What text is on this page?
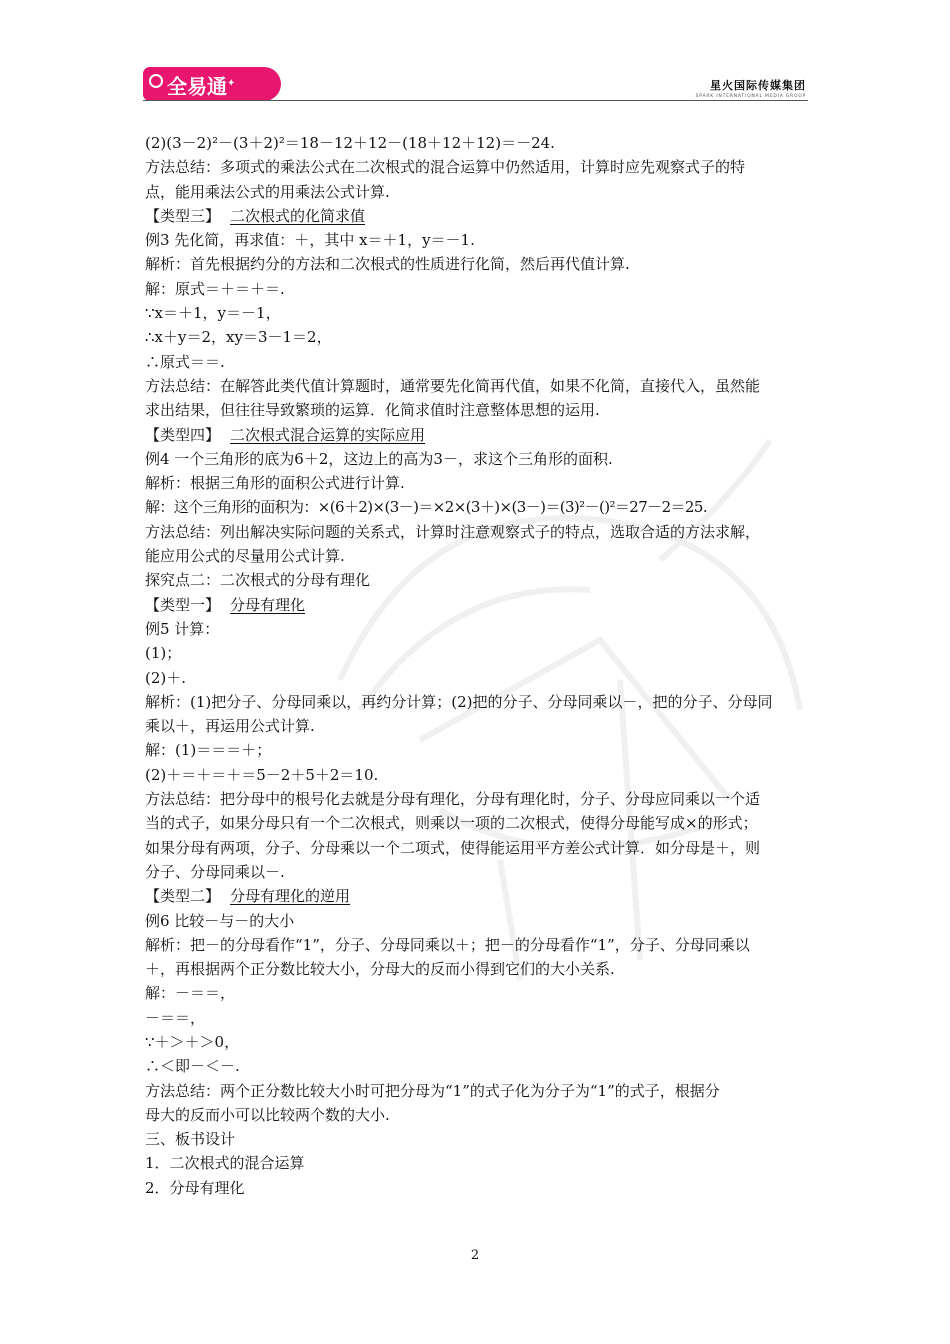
全易通✦	星火国际传媒集团
SPARK INTERNATIONAL MEDIA GROUP
(2)(3－2)²－(3＋2)²＝18－12＋12－(18＋12＋12)＝－24.
方法总结：多项式的乘法公式在二次根式的混合运算中仍然适用，计算时应先观察式子的特
点，能用乘法公式的用乘法公式计算.
【类型三】 二次根式的化简求值
例3 先化简，再求值：＋，其中 x＝＋1，y＝－1.
解析：首先根据约分的方法和二次根式的性质进行化简，然后再代值计算.
解：原式＝＋＝＋＝.
∵x＝＋1，y＝－1，
∴x＋y＝2，xy＝3－1＝2，
∴原式＝＝.
方法总结：在解答此类代值计算题时，通常要先化简再代值，如果不化简，直接代入，虽然能
求出结果，但往往导致繁琐的运算．化简求值时注意整体思想的运用.
【类型四】 二次根式混合运算的实际应用
例4 一个三角形的底为6＋2，这边上的高为3－，求这个三角形的面积.
解析：根据三角形的面积公式进行计算.
解：这个三角形的面积为：×(6＋2)×(3－)＝×2×(3＋)×(3－)＝(3)²－()²＝27－2＝25.
方法总结：列出解决实际问题的关系式，计算时注意观察式子的特点，选取合适的方法求解，
能应用公式的尽量用公式计算.
探究点二：二次根式的分母有理化
【类型一】 分母有理化
例5 计算：
(1)；
(2)＋.
解析：(1)把分子、分母同乘以，再约分计算；(2)把的分子、分母同乘以－，把的分子、分母同
乘以＋，再运用公式计算.
解：(1)＝＝＝＋；
(2)＋＝＋＝＋＝5－2＋5＋2＝10.
方法总结：把分母中的根号化去就是分母有理化，分母有理化时，分子、分母应同乘以一个适
当的式子，如果分母只有一个二次根式，则乘以一项的二次根式，使得分母能写成×的形式；
如果分母有两项，分子、分母乘以一个二项式，使得能运用平方差公式计算．如分母是＋，则
分子、分母同乘以－.
【类型二】 分母有理化的逆用
例6 比较－与－的大小
解析：把－的分母看作“1”，分子、分母同乘以＋；把－的分母看作“1”，分子、分母同乘以
＋，再根据两个正分数比较大小，分母大的反而小得到它们的大小关系.
解：－＝＝，
－＝＝，
∵＋＞＋＞0，
∴＜即－＜－.
方法总结：两个正分数比较大小时可把分母为“1”的式子化为分子为“1”的式子，根据分
母大的反而小可以比较两个数的大小.
三、板书设计
1．二次根式的混合运算
2．分母有理化
2
